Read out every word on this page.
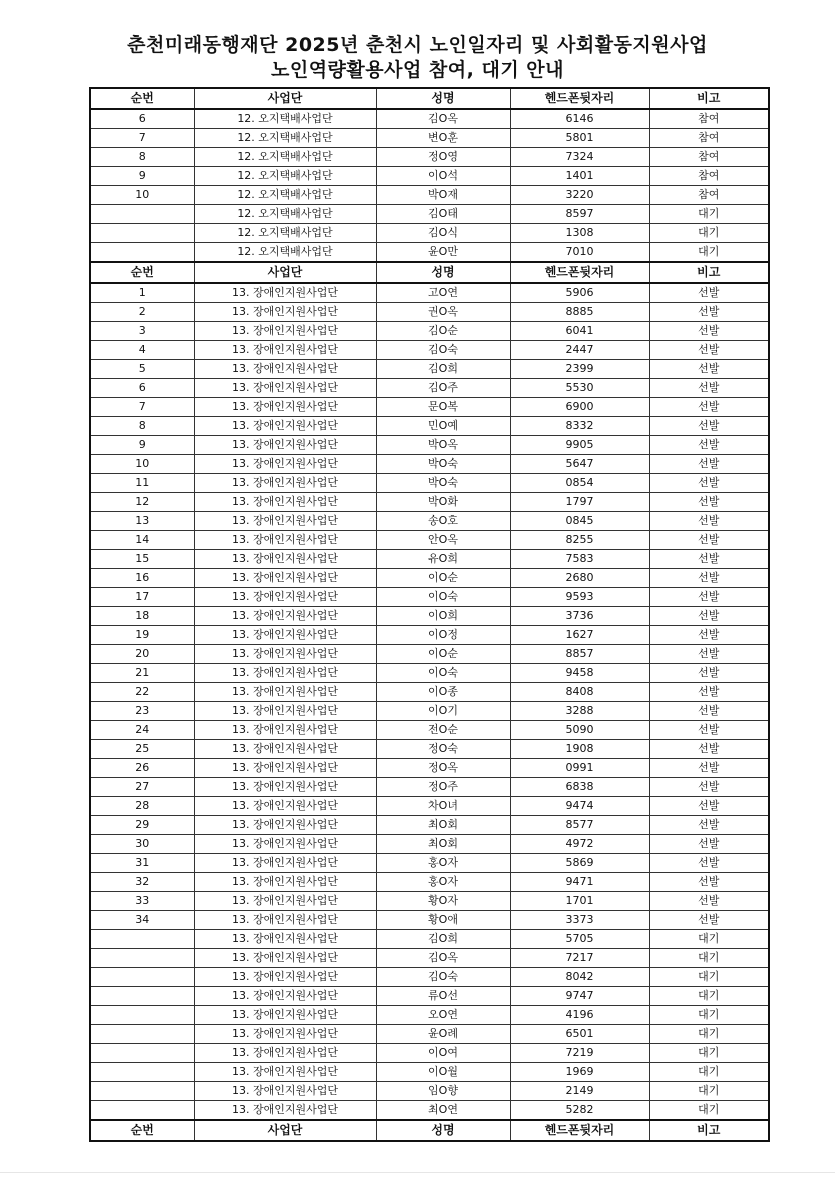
춘천미래동행재단 2025년 춘천시 노인일자리 및 사회활동지원사업
노인역량활용사업 참여, 대기 안내
순번	사업단	성명	헨드폰뒷자리	비고
6	12. 오지택배사업단	김O옥	6146	참여
7	12. 오지택배사업단	변O훈	5801	참여
8	12. 오지택배사업단	정O영	7324	참여
9	12. 오지택배사업단	이O석	1401	참여
10	12. 오지택배사업단	박O재	3220	참여
	12. 오지택배사업단	김O태	8597	대기
	12. 오지택배사업단	김O식	1308	대기
	12. 오지택배사업단	윤O만	7010	대기
순번	사업단	성명	헨드폰뒷자리	비고
1	13. 장애인지원사업단	고O연	5906	선발
2	13. 장애인지원사업단	권O옥	8885	선발
3	13. 장애인지원사업단	김O순	6041	선발
4	13. 장애인지원사업단	김O숙	2447	선발
5	13. 장애인지원사업단	김O희	2399	선발
6	13. 장애인지원사업단	김O주	5530	선발
7	13. 장애인지원사업단	문O복	6900	선발
8	13. 장애인지원사업단	민O예	8332	선발
9	13. 장애인지원사업단	박O옥	9905	선발
10	13. 장애인지원사업단	박O숙	5647	선발
11	13. 장애인지원사업단	박O숙	0854	선발
12	13. 장애인지원사업단	박O화	1797	선발
13	13. 장애인지원사업단	송O호	0845	선발
14	13. 장애인지원사업단	안O옥	8255	선발
15	13. 장애인지원사업단	유O희	7583	선발
16	13. 장애인지원사업단	이O순	2680	선발
17	13. 장애인지원사업단	이O숙	9593	선발
18	13. 장애인지원사업단	이O희	3736	선발
19	13. 장애인지원사업단	이O정	1627	선발
20	13. 장애인지원사업단	이O순	8857	선발
21	13. 장애인지원사업단	이O숙	9458	선발
22	13. 장애인지원사업단	이O종	8408	선발
23	13. 장애인지원사업단	이O기	3288	선발
24	13. 장애인지원사업단	전O순	5090	선발
25	13. 장애인지원사업단	정O숙	1908	선발
26	13. 장애인지원사업단	정O옥	0991	선발
27	13. 장애인지원사업단	정O주	6838	선발
28	13. 장애인지원사업단	차O녀	9474	선발
29	13. 장애인지원사업단	최O회	8577	선발
30	13. 장애인지원사업단	최O회	4972	선발
31	13. 장애인지원사업단	홍O자	5869	선발
32	13. 장애인지원사업단	홍O자	9471	선발
33	13. 장애인지원사업단	황O자	1701	선발
34	13. 장애인지원사업단	황O애	3373	선발
	13. 장애인지원사업단	김O희	5705	대기
	13. 장애인지원사업단	김O옥	7217	대기
	13. 장애인지원사업단	김O숙	8042	대기
	13. 장애인지원사업단	류O선	9747	대기
	13. 장애인지원사업단	오O연	4196	대기
	13. 장애인지원사업단	윤O례	6501	대기
	13. 장애인지원사업단	이O여	7219	대기
	13. 장애인지원사업단	이O월	1969	대기
	13. 장애인지원사업단	임O향	2149	대기
	13. 장애인지원사업단	최O연	5282	대기
순번	사업단	성명	헨드폰뒷자리	비고
